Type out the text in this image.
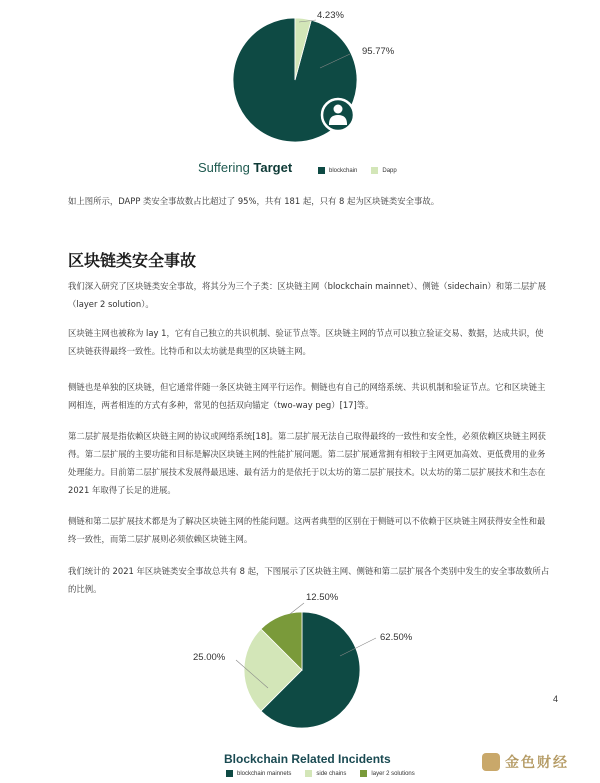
4.23%
95.77%
Suffering Target	blockchain	Dapp

如上图所示，DAPP 类安全事故数占比超过了 95%，共有 181 起，只有 8 起为区块链类安全事故。

区块链类安全事故

我们深入研究了区块链类安全事故，将其分为三个子类：区块链主网（blockchain mainnet）、侧链（sidechain）和第二层扩展

（layer 2 solution）。

区块链主网也被称为 lay 1，它有自己独立的共识机制、验证节点等。区块链主网的节点可以独立验证交易、数据，达成共识，使

区块链获得最终一致性。比特币和以太坊就是典型的区块链主网。

侧链也是单独的区块链，但它通常伴随一条区块链主网平行运作。侧链也有自己的网络系统、共识机制和验证节点。它和区块链主

网相连，两者相连的方式有多种，常见的包括双向锚定（two-way peg）[17]等。

第二层扩展是指依赖区块链主网的协议或网络系统[18]。第二层扩展无法自己取得最终的一致性和安全性，必须依赖区块链主网获

得。第二层扩展的主要功能和目标是解决区块链主网的性能扩展问题。第二层扩展通常拥有相较于主网更加高效、更低费用的业务

处理能力。目前第二层扩展技术发展得最迅速、最有活力的是依托于以太坊的第二层扩展技术。以太坊的第二层扩展技术和生态在

2021 年取得了长足的进展。

侧链和第二层扩展技术都是为了解决区块链主网的性能问题。这两者典型的区别在于侧链可以不依赖于区块链主网获得安全性和最

终一致性，而第二层扩展则必须依赖区块链主网。

我们统计的 2021 年区块链类安全事故总共有 8 起，下图展示了区块链主网、侧链和第二层扩展各个类别中发生的安全事故数所占

的比例。

12.50%
62.50%
25.00%
4
Blockchain Related Incidents
blockchain mainnets	side chains	layer 2 solutions
金色财经
